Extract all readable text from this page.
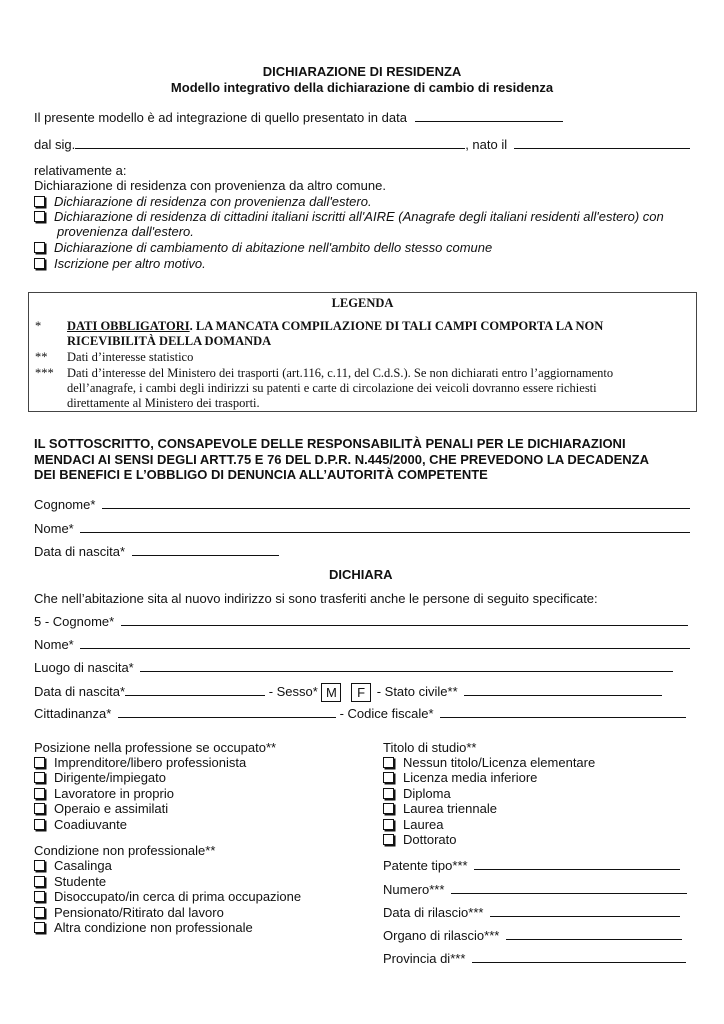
DICHIARAZIONE DI RESIDENZA
Modello integrativo della dichiarazione di cambio di residenza
Il presente modello è ad integrazione di quello presentato in data
dal sig.	, nato il
relativamente a:
Dichiarazione di residenza con provenienza da altro comune.
Dichiarazione di residenza con provenienza dall'estero.
Dichiarazione di residenza di cittadini italiani iscritti all'AIRE (Anagrafe degli italiani residenti all'estero) con
provenienza dall'estero.
Dichiarazione di cambiamento di abitazione nell'ambito dello stesso comune
Iscrizione per altro motivo.
LEGENDA
* DATI OBBLIGATORI. LA MANCATA COMPILAZIONE DI TALI CAMPI COMPORTA LA NON
RICEVIBILITÀ DELLA DOMANDA
** Dati d’interesse statistico
*** Dati d’interesse del Ministero dei trasporti (art.116, c.11, del C.d.S.). Se non dichiarati entro l’aggiornamento
dell’anagrafe, i cambi degli indirizzi su patenti e carte di circolazione dei veicoli dovranno essere richiesti
direttamente al Ministero dei trasporti.
IL SOTTOSCRITTO, CONSAPEVOLE DELLE RESPONSABILITÀ PENALI PER LE DICHIARAZIONI
MENDACI AI SENSI DEGLI ARTT.75 E 76 DEL D.P.R. N.445/2000, CHE PREVEDONO LA DECADENZA
DEI BENEFICI E L’OBBLIGO DI DENUNCIA ALL’AUTORITÀ COMPETENTE
Cognome*
Nome*
Data di nascita*
DICHIARA
Che nell’abitazione sita al nuovo indirizzo si sono trasferiti anche le persone di seguito specificate:
5 - Cognome*
Nome*
Luogo di nascita*
Data di nascita*	- Sesso* M F - Stato civile**
Cittadinanza*	- Codice fiscale*
Posizione nella professione se occupato**
Imprenditore/libero professionista
Dirigente/impiegato
Lavoratore in proprio
Operaio e assimilati
Coadiuvante
Condizione non professionale**
Casalinga
Studente
Disoccupato/in cerca di prima occupazione
Pensionato/Ritirato dal lavoro
Altra condizione non professionale
Titolo di studio**
Nessun titolo/Licenza elementare
Licenza media inferiore
Diploma
Laurea triennale
Laurea
Dottorato
Patente tipo***
Numero***
Data di rilascio***
Organo di rilascio***
Provincia di***
